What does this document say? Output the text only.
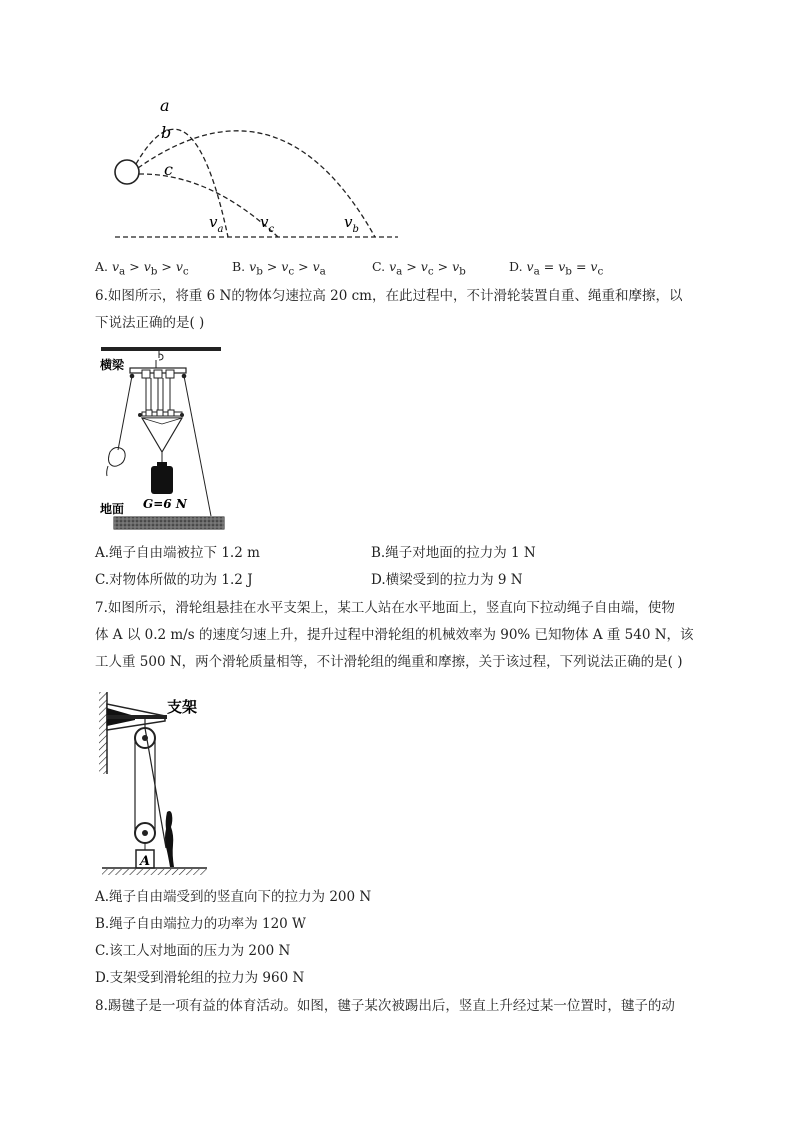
a
b
c
$v_a$ $v_c$	$v_b$
A. $v_a > v_b > v_c$	B. $v_b > v_c > v_a$	C. $v_a > v_c > v_b$	D. $v_a = v_b = v_c$
6.如图所示，将重 6 N的物体匀速拉高 20 cm，在此过程中，不计滑轮装置自重、绳重和摩擦，以
下说法正确的是( )
横梁
G=6 N
地面
A.绳子自由端被拉下 1.2 m	B.绳子对地面的拉力为 1 N
C.对物体所做的功为 1.2 J	D.横梁受到的拉力为 9 N
7.如图所示，滑轮组悬挂在水平支架上，某工人站在水平地面上，竖直向下拉动绳子自由端，使物
体 A 以 0.2 m/s 的速度匀速上升，提升过程中滑轮组的机械效率为 90% 已知物体 A 重 540 N，该
工人重 500 N，两个滑轮质量相等，不计滑轮组的绳重和摩擦，关于该过程，下列说法正确的是( )
支架
A
A.绳子自由端受到的竖直向下的拉力为 200 N
B.绳子自由端拉力的功率为 120 W
C.该工人对地面的压力为 200 N
D.支架受到滑轮组的拉力为 960 N
8.踢毽子是一项有益的体育活动。如图，毽子某次被踢出后，竖直上升经过某一位置时，毽子的动
